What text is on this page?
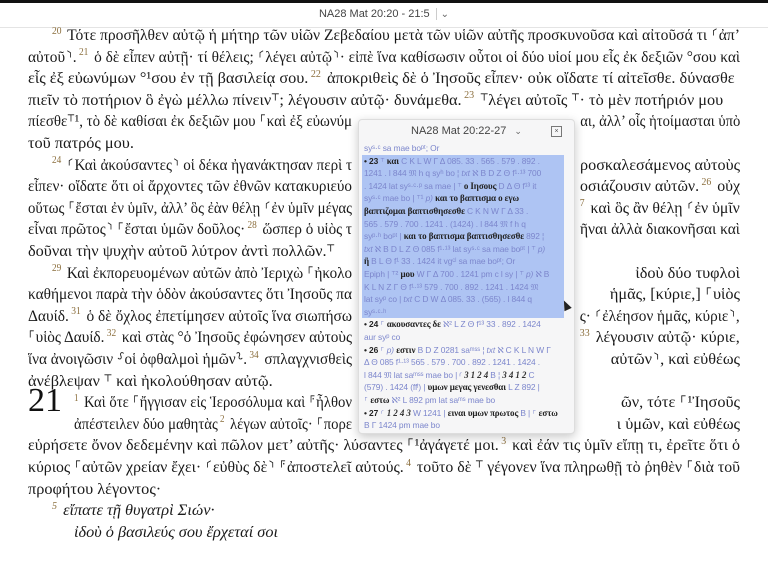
NA28 Mat 20:20 - 21:5 ⌄
$^{20}$ Τότε προσῆλθεν αὐτῷ ἡ μήτηρ τῶν υἱῶν Ζεβεδαίου μετὰ τῶν υἱῶν αὐτῆς προσκυνοῦσα καὶ αἰτοῦσά τι ⸂ἀπ’
αὐτοῦ⸃. $^{21}$ ὁ δὲ εἶπεν αὐτῇ· τί θέλεις; ⸂λέγει αὐτῷ⸃· εἰπὲ ἵνα καθίσωσιν οὗτοι οἱ δύο υἱοί μου εἷς ἐκ δεξιῶν °σου καὶ
εἷς ἐξ εὐωνύμων °¹σου ἐν τῇ βασιλείᾳ σου. $^{22}$ ἀποκριθεὶς δὲ ὁ Ἰησοῦς εἶπεν· οὐκ οἴδατε τί αἰτεῖσθε. δύνασθε
πιεῖν τὸ ποτήριον ὃ ἐγὼ μέλλω πίνειν⸆; λέγουσιν αὐτῷ· δυνάμεθα. $^{23}$ ⸆λέγει αὐτοῖς ⸆· τὸ μὲν ποτήριόν μου
πίεσθε⸆¹, τὸ δὲ καθίσαι ἐκ δεξιῶν μου ⸀καὶ ἐξ εὐωνύμ	αι, ἀλλ’ οἷς ἡτοίμασται ὑπὸ
τοῦ πατρός μου.
$^{24}$ ⸂Καὶ ἀκούσαντες⸃ οἱ δέκα ἠγανάκτησαν περὶ τ	ροσκαλεσάμενος αὐτοὺς
εἶπεν· οἴδατε ὅτι οἱ ἄρχοντες τῶν ἐθνῶν κατακυριεύο	οσιάζουσιν αὐτῶν. $^{26}$ οὐχ
οὕτως ⸀ἔσται ἐν ὑμῖν, ἀλλ’ ὃς ἐὰν θέλῃ ⸂ἐν ὑμῖν μέγας	$^7$ καὶ ὃς ἂν θέλῃ ⸂ἐν ὑμῖν
εἶναι πρῶτος⸃ ⸀ἔσται ὑμῶν δοῦλος· $^{28}$ ὥσπερ ὁ υἱὸς τ	ῆναι ἀλλὰ διακονῆσαι καὶ
δοῦναι τὴν ψυχὴν αὐτοῦ λύτρον ἀντὶ πολλῶν.⸆
$^{29}$ Καὶ ἐκπορευομένων αὐτῶν ἀπὸ Ἰεριχὼ ⸀ἠκολο	ἰδοὺ δύο τυφλοὶ
καθήμενοι παρὰ τὴν ὁδὸν ἀκούσαντες ὅτι Ἰησοῦς πα	ἡμᾶς, [κύριε,] ⸀υἱὸς
Δαυίδ. $^{31}$ ὁ δὲ ὄχλος ἐπετίμησεν αὐτοῖς ἵνα σιωπήσω	ς· ⸂ἐλέησον ἡμᾶς, κύριε⸃,
⸀υἱὸς Δαυίδ. $^{32}$ καὶ στὰς °ὁ Ἰησοῦς ἐφώνησεν αὐτοὺς	$^{33}$ λέγουσιν αὐτῷ· κύριε,
ἵνα ἀνοιγῶσιν ⸉οἱ ὀφθαλμοὶ ἡμῶν⸊. $^{34}$ σπλαγχνισθεὶς	αὐτῶν⸃, καὶ εὐθέως
ἀνέβλεψαν ⸆ καὶ ἠκολούθησαν αὐτῷ.
$^1$ Καὶ ὅτε ⸀ἤγγισαν εἰς Ἱεροσόλυμα καὶ ⸁ἦλθον
21	ῶν, τότε ⸀¹Ἰησοῦς
ἀπέστειλεν δύο μαθητὰς $^2$ λέγων αὐτοῖς· ⸀πορε	ι ὑμῶν, καὶ εὐθέως
εὑρήσετε ὄνον δεδεμένην καὶ πῶλον μετ’ αὐτῆς· λύσαντες ⸀¹ἀγάγετέ μοι. $^3$ καὶ ἐάν τις ὑμῖν εἴπῃ τι, ἐρεῖτε ὅτι ὁ
κύριος ⸀αὐτῶν χρείαν ἔχει· ⸂εὐθὺς δὲ⸃ ⸁ἀποστελεῖ αὐτούς. $^4$ τοῦτο δὲ ⸆ γέγονεν ἵνα πληρωθῇ τὸ ῥηθὲν ⸀διὰ τοῦ
προφήτου λέγοντος·
$^5$ εἴπατε τῇ θυγατρὶ Σιών·
ἰδοὺ ὁ βασιλεύς σου ἔρχεταί σοι
NA28 Mat 20:22-27 ⌄	×
syˢ·ᶜ sa mae boᵖᵗ; Or
• 23 ⸆ και C K L W Γ Δ 085. 33 . 565 . 579 . 892 .
1241 . l 844 𝔐 h q syʰ bo ¦ txt ℵ B D Z Θ f¹·¹³ 700
. 1424 lat syˢ·ᶜ·ᵖ sa mae | ⸆ ο Ιησους D Δ Θ f¹³ it
syˢ·ᶜ mae bo | ⸆¹ p) και το βαπτισμα ο εγω
βαπτιζομαι βαπτισθησεσθε C K N W Γ Δ 33 .
565 . 579 . 700 . 1241 . (1424) . l 844 𝔐 f h q
syᵖ·ʰ boᵖᵗ | και το βαπτισμα βαπτισθησεσθε 892 ¦
txt ℵ B D L Z Θ 085 f¹·¹³ lat syˢ·ᶜ sa mae boᵖᵗ | ⸆ p)
ἢ B L Θ f¹ 33 . 1424 it vgᶜˡ sa mae boᵖᵗ; Or
Epiph | ⸆² μου W Γ Δ 700 . 1241 pm c l sy | ⸆ p) ℵ B
K L N Z Γ Θ f¹·¹³ 579 . 700 . 892 . 1241 . 1424 𝔐
lat syᵖ co | txt C D W Δ 085. 33 . (565) . l 844 q
syˢ·ᶜ·ʰ
• 24 ⸀ ακουσαντες δε ℵ² L Z Θ f¹³ 33 . 892 . 1424
aur syᵖ co
• 26 ⸀ p) εστιν B D Z 0281 saᵐˢˢ ¦ txt ℵ C K L N W Γ
Δ Θ 085 f¹·¹³ 565 . 579 . 700 . 892 . 1241 . 1424 .
l 844 𝔐 lat saᵐˢˢ mae bo | ⸂ 3 1 2 4 B ¦ 3 4 1 2 C
(579) . 1424 (ffˡ) | υμων μεγας γενεσθαι L Z 892 |
⸀ εστω ℵ² L 892 pm lat saᵐˢ mae bo
• 27 ⸂ 1 2 4 3 W 1241 | ειναι υμων πρωτος B | ⸀ εστω
B Γ 1424 pm mae bo
